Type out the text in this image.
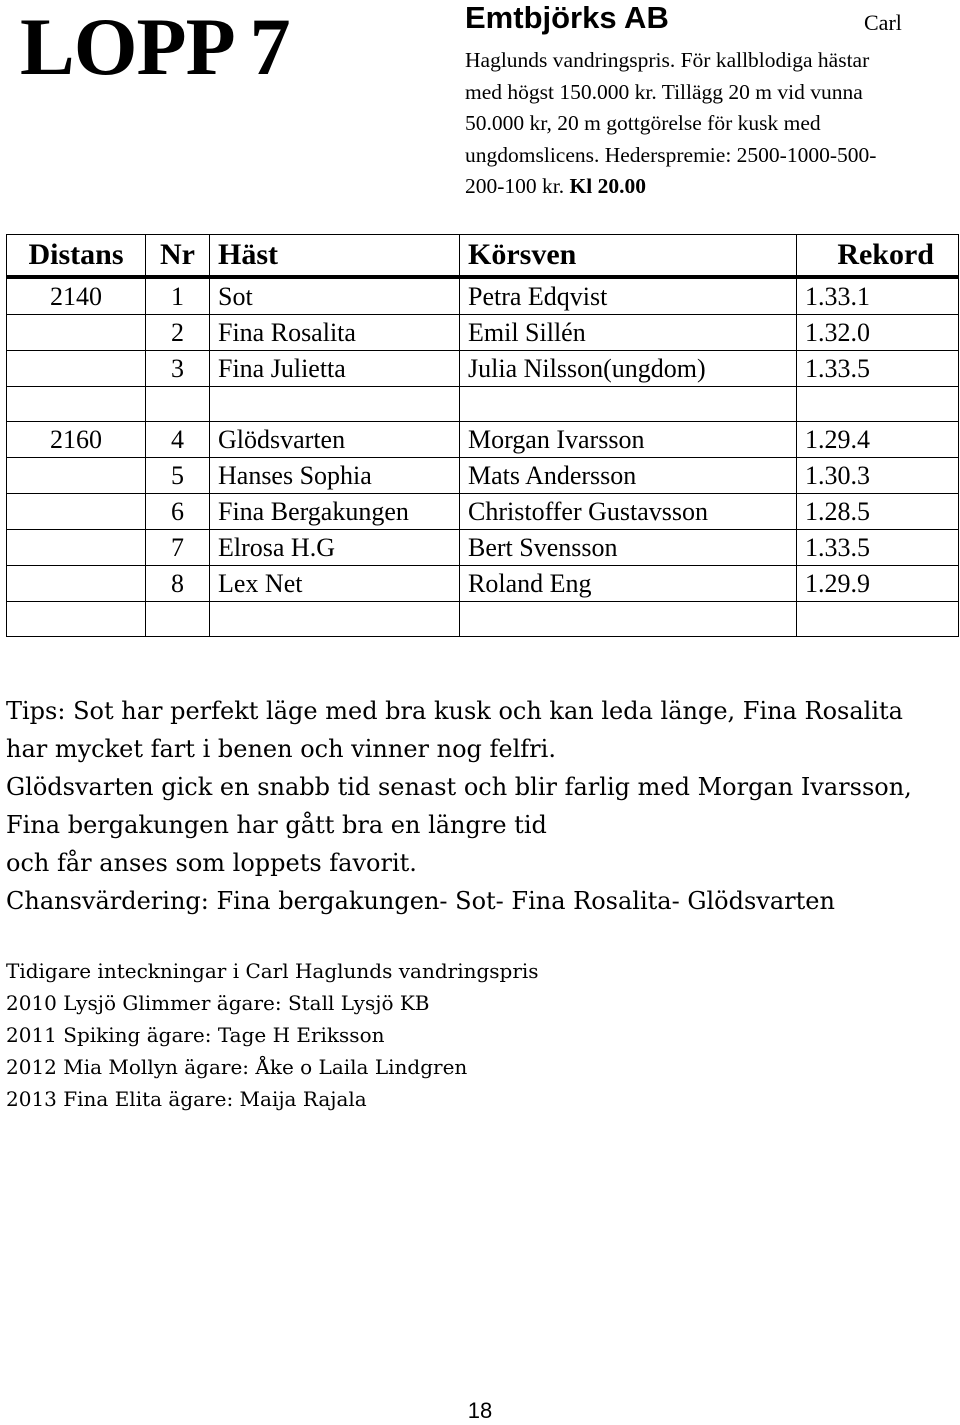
LOPP 7	Emtbjörks AB	Carl
Haglunds vandringspris. För kallblodiga hästar
med högst 150.000 kr. Tillägg 20 m vid vunna
50.000 kr, 20 m gottgörelse för kusk med
ungdomslicens. Hederspremie: 2500-1000-500-
200-100 kr. Kl 20.00
Distans	Nr	Häst	Körsven	Rekord
2140	1	Sot	Petra Edqvist	1.33.1
	2	Fina Rosalita	Emil Sillén	1.32.0
	3	Fina Julietta	Julia Nilsson(ungdom)	1.33.5

2160	4	Glödsvarten	Morgan Ivarsson	1.29.4
	5	Hanses Sophia	Mats Andersson	1.30.3
	6	Fina Bergakungen	Christoffer Gustavsson	1.28.5
	7	Elrosa H.G	Bert Svensson	1.33.5
	8	Lex Net	Roland Eng	1.29.9

Tips: Sot har perfekt läge med bra kusk och kan leda länge, Fina Rosalita

har mycket fart i benen och vinner nog felfri.

Glödsvarten gick en snabb tid senast och blir farlig med Morgan Ivarsson,

Fina bergakungen har gått bra en längre tid

och får anses som loppets favorit.

Chansvärdering: Fina bergakungen- Sot- Fina Rosalita- Glödsvarten

Tidigare inteckningar i Carl Haglunds vandringspris

2010 Lysjö Glimmer ägare: Stall Lysjö KB

2011 Spiking ägare: Tage H Eriksson

2012 Mia Mollyn ägare: Åke o Laila Lindgren

2013 Fina Elita ägare: Maija Rajala

18
